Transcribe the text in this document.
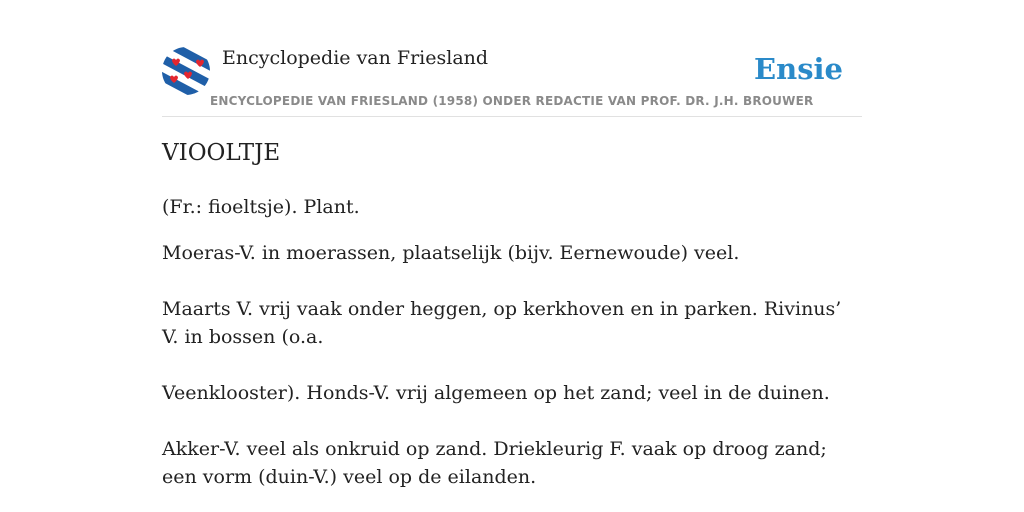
Encyclopedie van Friesland	Ensie
ENCYCLOPEDIE VAN FRIESLAND (1958) ONDER REDACTIE VAN PROF. DR. J.H. BROUWER
VIOOLTJE

(Fr.: fioeltsje). Plant.

Moeras-V. in moerassen, plaatselijk (bijv. Eernewoude) veel.

Maarts V. vrij vaak onder heggen, op kerkhoven en in parken. Rivinus’ V. in bossen (o.a.

Veenklooster). Honds-V. vrij algemeen op het zand; veel in de duinen.

Akker-V. veel als onkruid op zand. Driekleurig F. vaak op droog zand; een vorm (duin-V.) veel op de eilanden.
